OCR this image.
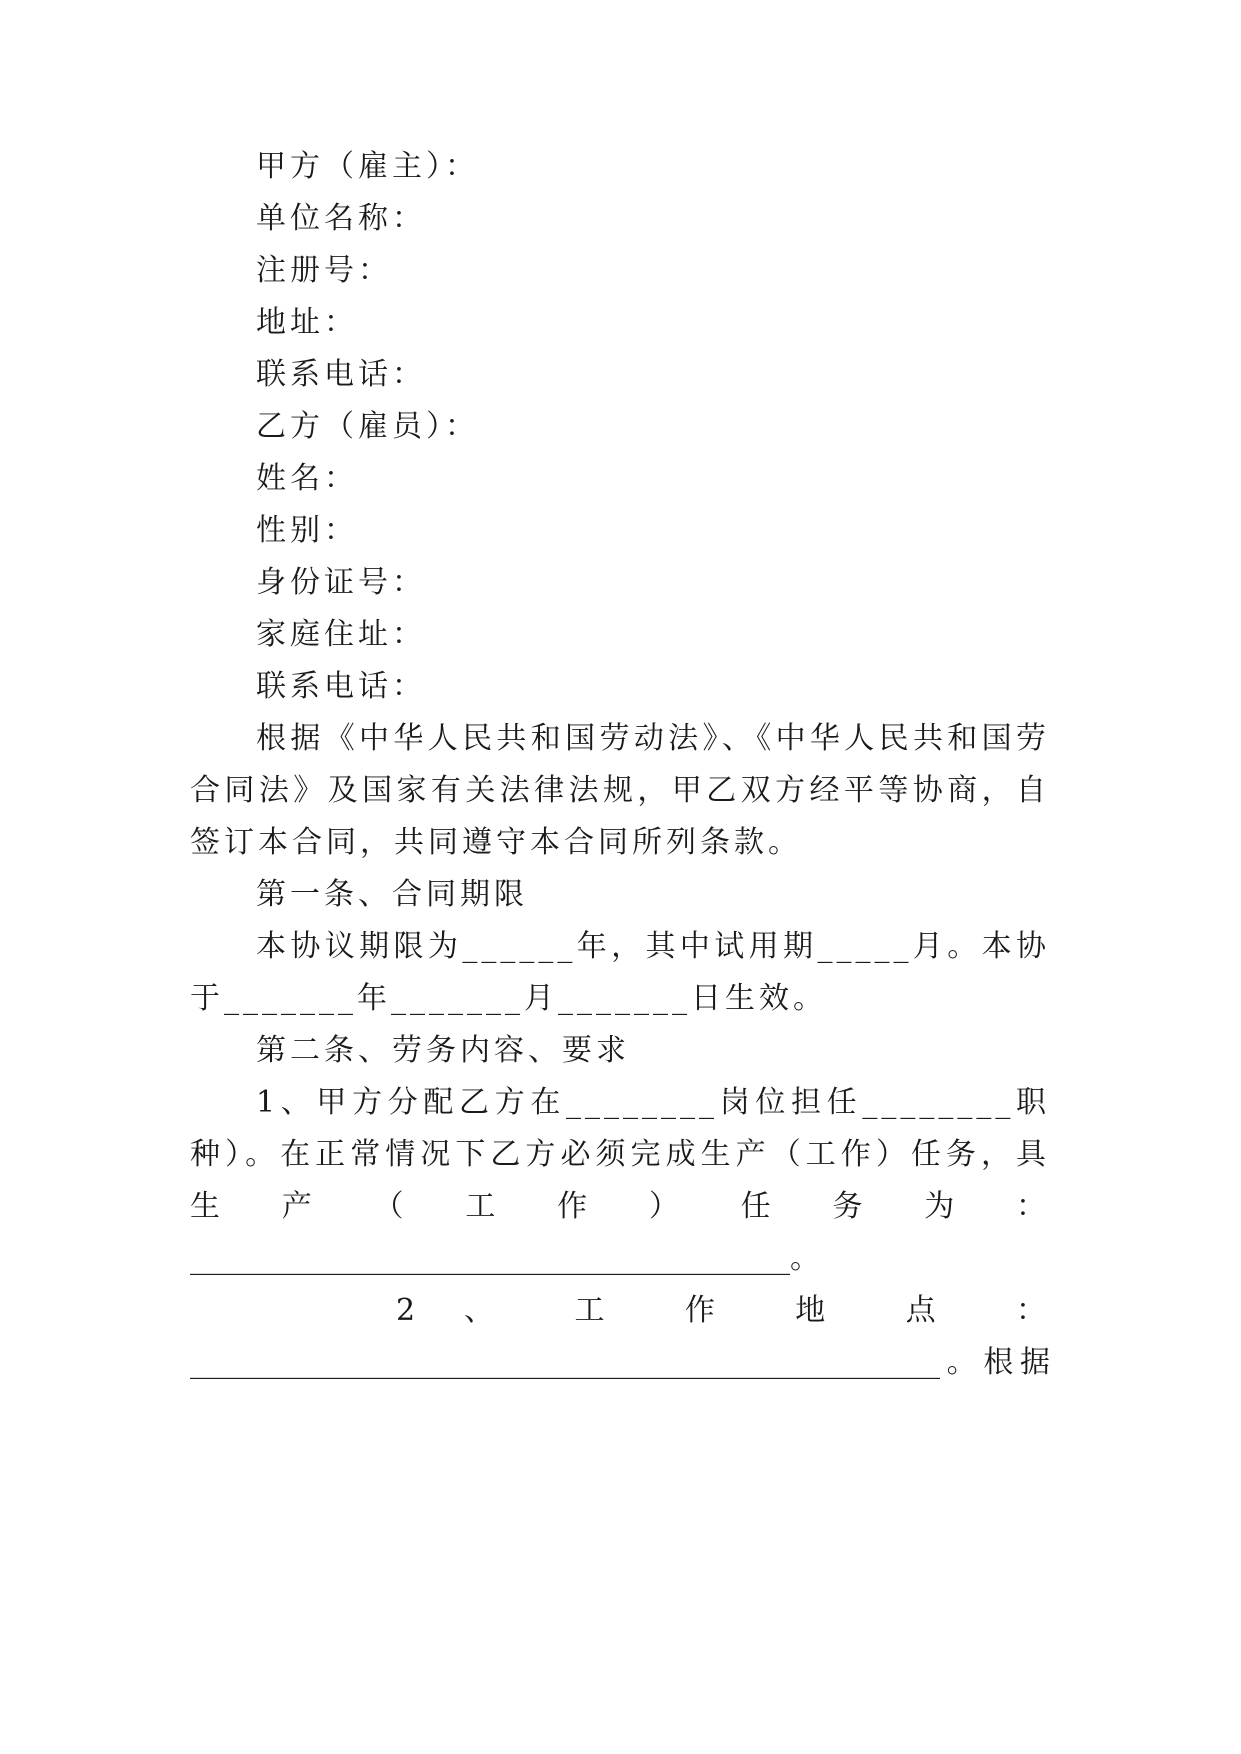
甲方（雇主）：
单位名称：
注册号：
地址：
联系电话：
乙方（雇员）：
姓名：
性别：
身份证号：
家庭住址：
联系电话：
根据《中华人民共和国劳动法》、《中华人民共和国劳
合同法》及国家有关法律法规，甲乙双方经平等协商，自
签订本合同，共同遵守本合同所列条款。
第一条、合同期限
本协议期限为______年，其中试用期_____月。本协
于_______年_______月_______日生效。
第二条、劳务内容、要求
1、甲方分配乙方在________岗位担任________职
种）。在正常情况下乙方必须完成生产（工作）任务，具
生 产 （ 工 作 ） 任 务 为 ：
________________________________________。
2 、 工 作 地 点 ：
__________________________________________________。根据
